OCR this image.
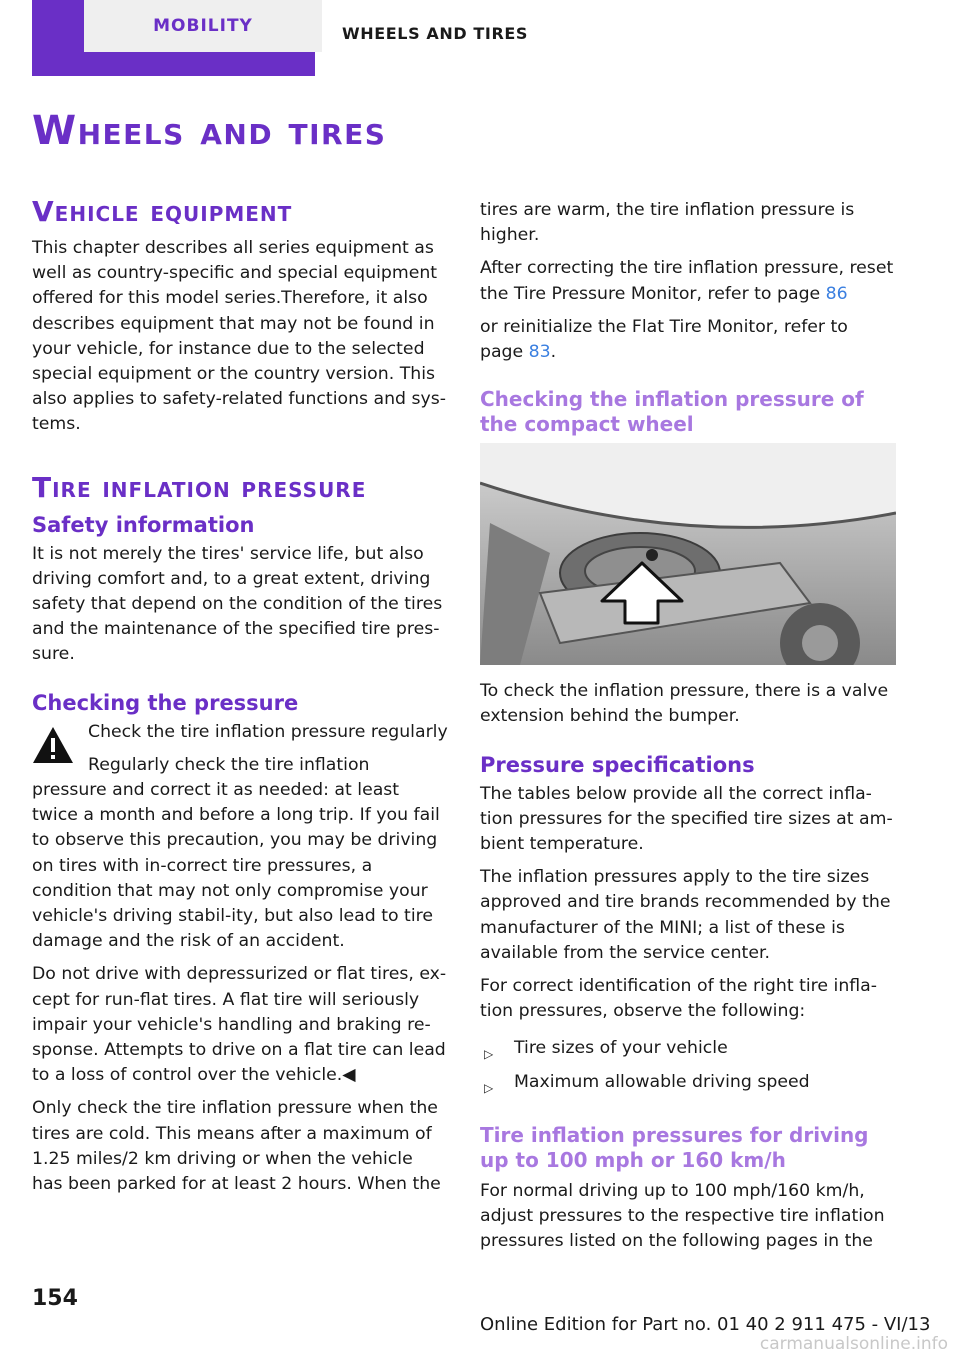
MOBILITY	WHEELS AND TIRES
Wheels and tires
Vehicle equipment

This chapter describes all series equipment as well as country-specific and special equipment offered for this model series.Therefore, it also describes equipment that may not be found in your vehicle, for instance due to the selected special equipment or the country version. This also applies to safety-related functions and sys‐tems.

Tire inflation pressure
Safety information

It is not merely the tires' service life, but also driving comfort and, to a great extent, driving safety that depend on the condition of the tires and the maintenance of the specified tire pres‐sure.

Checking the pressure

Check the tire inflation pressure regularly

Regularly check the tire inflation pressure and correct it as needed: at least twice a month and before a long trip. If you fail to observe this precaution, you may be driving on tires with in‐correct tire pressures, a condition that may not only compromise your vehicle's driving stabil‐ity, but also lead to tire damage and the risk of an accident.

Do not drive with depressurized or flat tires, ex‐cept for run-flat tires. A flat tire will seriously impair your vehicle's handling and braking re‐sponse. Attempts to drive on a flat tire can lead to a loss of control over the vehicle.◀

Only check the tire inflation pressure when the tires are cold. This means after a maximum of 1.25 miles/2 km driving or when the vehicle has been parked for at least 2 hours. When the

tires are warm, the tire inflation pressure is higher.

After correcting the tire inflation pressure, reset the Tire Pressure Monitor, refer to page 86

or reinitialize the Flat Tire Monitor, refer to page 83.

Checking the inflation pressure of the compact wheel

To check the inflation pressure, there is a valve extension behind the bumper.

Pressure specifications

The tables below provide all the correct infla‐tion pressures for the specified tire sizes at am‐bient temperature.

The inflation pressures apply to the tire sizes approved and tire brands recommended by the manufacturer of the MINI; a list of these is available from the service center.

For correct identification of the right tire infla‐tion pressures, observe the following:

▷ Tire sizes of your vehicle
▷ Maximum allowable driving speed
Tire inflation pressures for driving up to 100 mph or 160 km/h

For normal driving up to 100 mph/160 km/h, adjust pressures to the respective tire inflation pressures listed on the following pages in the

154
Online Edition for Part no. 01 40 2 911 475 - VI/13
carmanualsonline.info
